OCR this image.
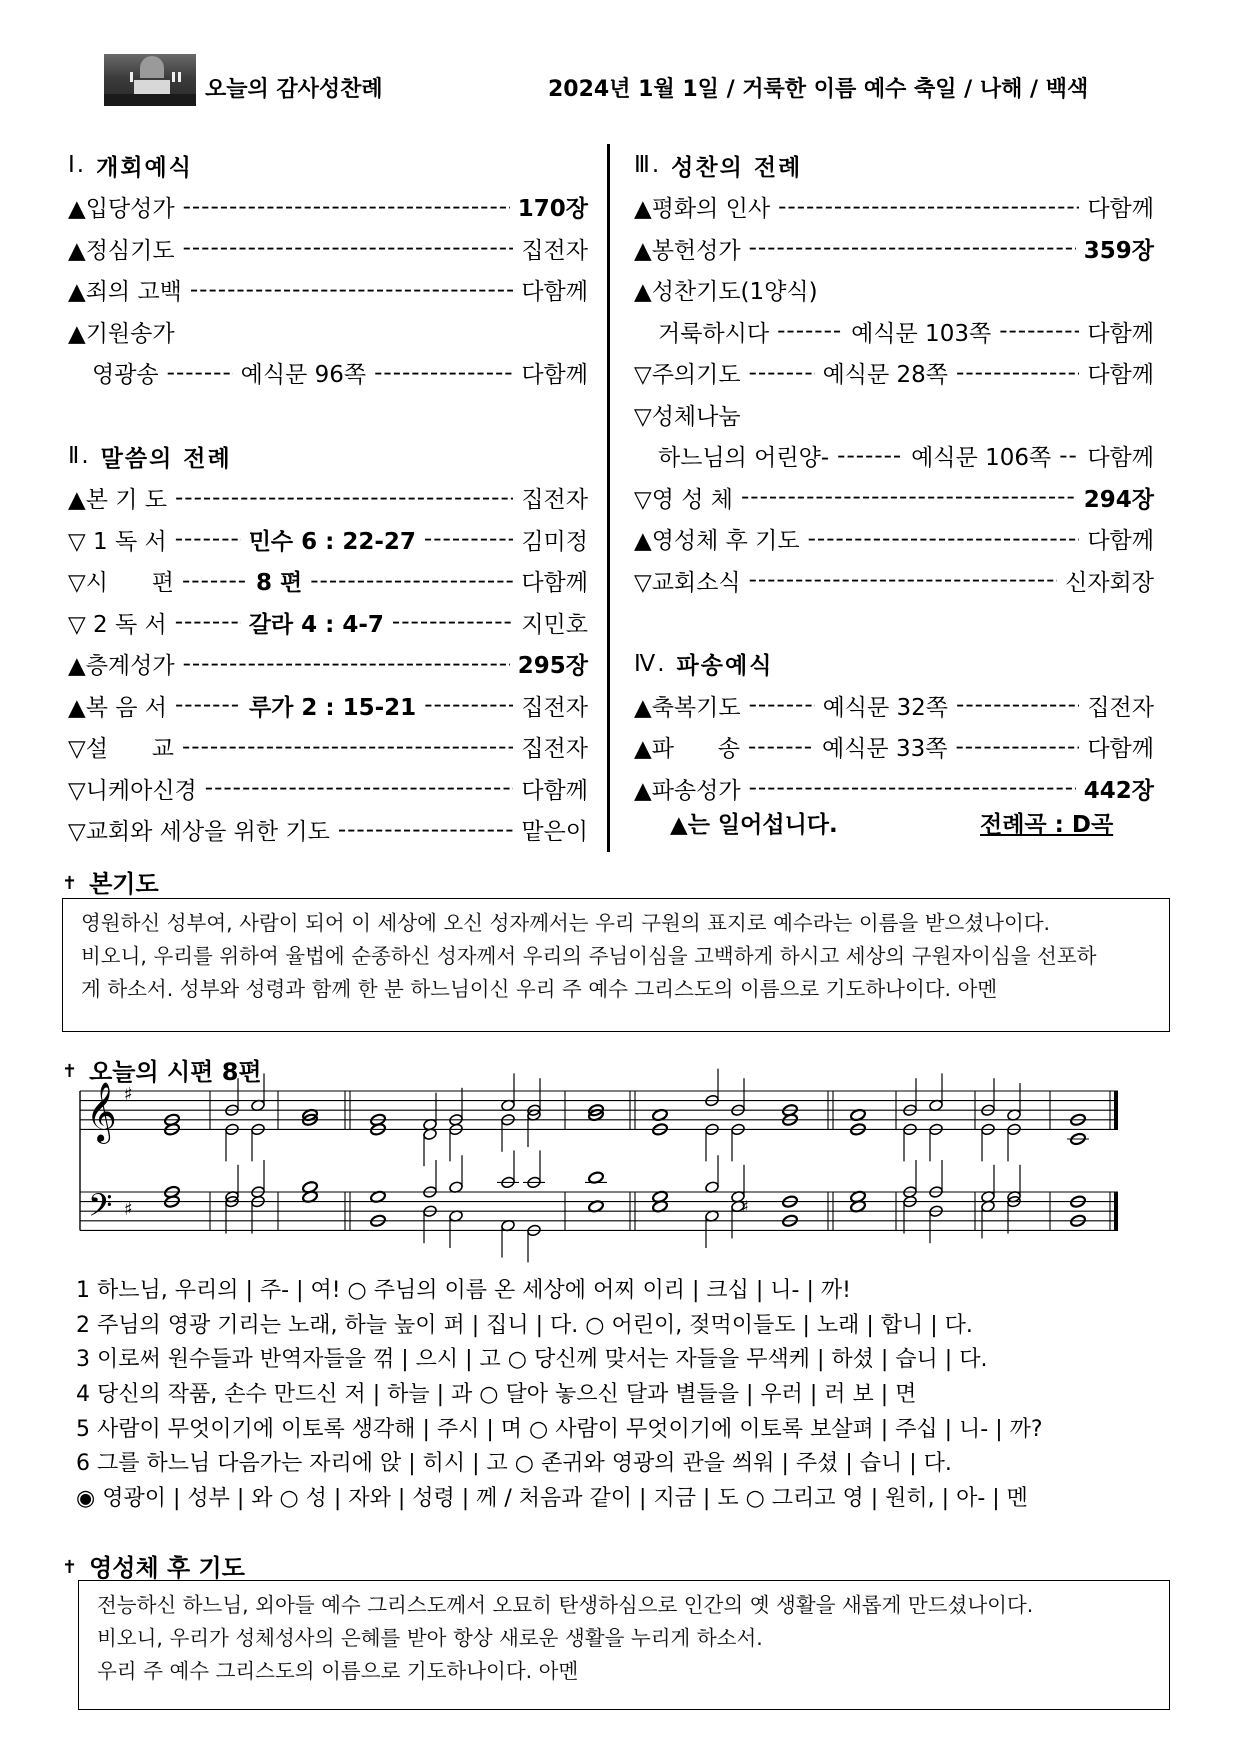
오늘의 감사성찬례	2024년 1월 1일 / 거룩한 이름 예수 축일 / 나해 / 백색
Ⅰ. 개회예식
▲입당성가 -----	170장
▲정심기도 -----	집전자
▲죄의 고백 -----	다함께
▲기원송가
영광송 -----	예식문 96쪽 -----	다함께
Ⅱ. 말씀의 전례
▲본 기 도 -----	집전자
▽ 1 독 서 -----	민수 6 : 22-27 -----	김미정
▽시      편 -----	8 편 -----	다함께
▽ 2 독 서 -----	갈라 4 : 4-7 -----	지민호
▲층계성가 -----	295장
▲복 음 서 -----	루가 2 : 15-21 -----	집전자
▽설      교 -----	집전자
▽니케아신경 -----	다함께
▽교회와 세상을 위한 기도 -----	맡은이
Ⅲ. 성찬의 전례
▲평화의 인사 -----	다함께
▲봉헌성가 -----	359장
▲성찬기도(1양식)
거룩하시다 -----	예식문 103쪽 -----	다함께
▽주의기도 -----	예식문 28쪽 -----	다함께
▽성체나눔
하느님의 어린양- -----	예식문 106쪽 ----- 다함께
▽영 성 체 -----	294장
▲영성체 후 기도 -----	다함께
▽교회소식 -----	신자회장
Ⅳ. 파송예식
▲축복기도 -----	예식문 32쪽 -----	집전자
▲파      송 -----	예식문 33쪽 -----	다함께
▲파송성가 -----	442장
▲는 일어섭니다.	전례곡 : D곡
✝ 본기도
영원하신 성부여, 사람이 되어 이 세상에 오신 성자께서는 우리 구원의 표지로 예수라는 이름을 받으셨나이다.
비오니, 우리를 위하여 율법에 순종하신 성자께서 우리의 주님이심을 고백하게 하시고 세상의 구원자이심을 선포하
게 하소서. 성부와 성령과 함께 한 분 하느님이신 우리 주 예수 그리스도의 이름으로 기도하나이다. 아멘
✝ 오늘의 시편 8편
𝄞
𝄢
♯
♯	♯
1 하느님, 우리의 | 주- | 여! ○ 주님의 이름 온 세상에 어찌 이리 | 크십 | 니- | 까!
2 주님의 영광 기리는 노래, 하늘 높이 퍼 | 집니 | 다. ○ 어린이, 젖먹이들도 | 노래 | 합니 | 다.
3 이로써 원수들과 반역자들을 꺾 | 으시 | 고 ○ 당신께 맞서는 자들을 무색케 | 하셨 | 습니 | 다.
4 당신의 작품, 손수 만드신 저 | 하늘 | 과 ○ 달아 놓으신 달과 별들을 | 우러 | 러 보 | 면
5 사람이 무엇이기에 이토록 생각해 | 주시 | 며 ○ 사람이 무엇이기에 이토록 보살펴 | 주십 | 니- | 까?
6 그를 하느님 다음가는 자리에 앉 | 히시 | 고 ○ 존귀와 영광의 관을 씌워 | 주셨 | 습니 | 다.
◉ 영광이 | 성부 | 와 ○ 성 | 자와 | 성령 | 께 / 처음과 같이 | 지금 | 도 ○ 그리고 영 | 원히, | 아- | 멘
✝ 영성체 후 기도
전능하신 하느님, 외아들 예수 그리스도께서 오묘히 탄생하심으로 인간의 옛 생활을 새롭게 만드셨나이다.
비오니, 우리가 성체성사의 은혜를 받아 항상 새로운 생활을 누리게 하소서.
우리 주 예수 그리스도의 이름으로 기도하나이다. 아멘
